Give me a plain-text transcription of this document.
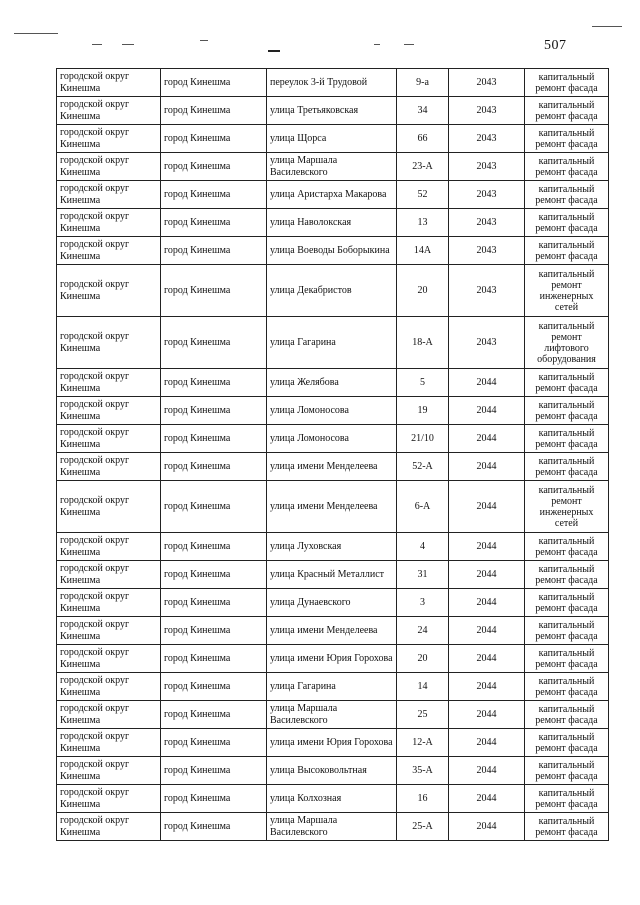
507
городской округ Кинешма	город Кинешма	переулок 3-й Трудовой	9-а	2043	капитальный ремонт фасада
городской округ Кинешма	город Кинешма	улица Третьяковская	34	2043	капитальный ремонт фасада
городской округ Кинешма	город Кинешма	улица Щорса	66	2043	капитальный ремонт фасада
городской округ Кинешма	город Кинешма	улица Маршала Василевского	23-А	2043	капитальный ремонт фасада
городской округ Кинешма	город Кинешма	улица Аристарха Макарова	52	2043	капитальный ремонт фасада
городской округ Кинешма	город Кинешма	улица Наволокская	13	2043	капитальный ремонт фасада
городской округ Кинешма	город Кинешма	улица Воеводы Боборыкина	14А	2043	капитальный ремонт фасада
городской округ Кинешма	город Кинешма	улица Декабристов	20	2043	капитальный ремонт инженерных сетей
городской округ Кинешма	город Кинешма	улица Гагарина	18-А	2043	капитальный ремонт лифтового оборудования
городской округ Кинешма	город Кинешма	улица Желябова	5	2044	капитальный ремонт фасада
городской округ Кинешма	город Кинешма	улица Ломоносова	19	2044	капитальный ремонт фасада
городской округ Кинешма	город Кинешма	улица Ломоносова	21/10	2044	капитальный ремонт фасада
городской округ Кинешма	город Кинешма	улица имени Менделеева	52-А	2044	капитальный ремонт фасада
городской округ Кинешма	город Кинешма	улица имени Менделеева	6-А	2044	капитальный ремонт инженерных сетей
городской округ Кинешма	город Кинешма	улица Луховская	4	2044	капитальный ремонт фасада
городской округ Кинешма	город Кинешма	улица Красный Металлист	31	2044	капитальный ремонт фасада
городской округ Кинешма	город Кинешма	улица Дунаевского	3	2044	капитальный ремонт фасада
городской округ Кинешма	город Кинешма	улица имени Менделеева	24	2044	капитальный ремонт фасада
городской округ Кинешма	город Кинешма	улица имени Юрия Горохова	20	2044	капитальный ремонт фасада
городской округ Кинешма	город Кинешма	улица Гагарина	14	2044	капитальный ремонт фасада
городской округ Кинешма	город Кинешма	улица Маршала Василевского	25	2044	капитальный ремонт фасада
городской округ Кинешма	город Кинешма	улица имени Юрия Горохова	12-А	2044	капитальный ремонт фасада
городской округ Кинешма	город Кинешма	улица Высоковольтная	35-А	2044	капитальный ремонт фасада
городской округ Кинешма	город Кинешма	улица Колхозная	16	2044	капитальный ремонт фасада
городской округ Кинешма	город Кинешма	улица Маршала Василевского	25-А	2044	капитальный ремонт фасада
